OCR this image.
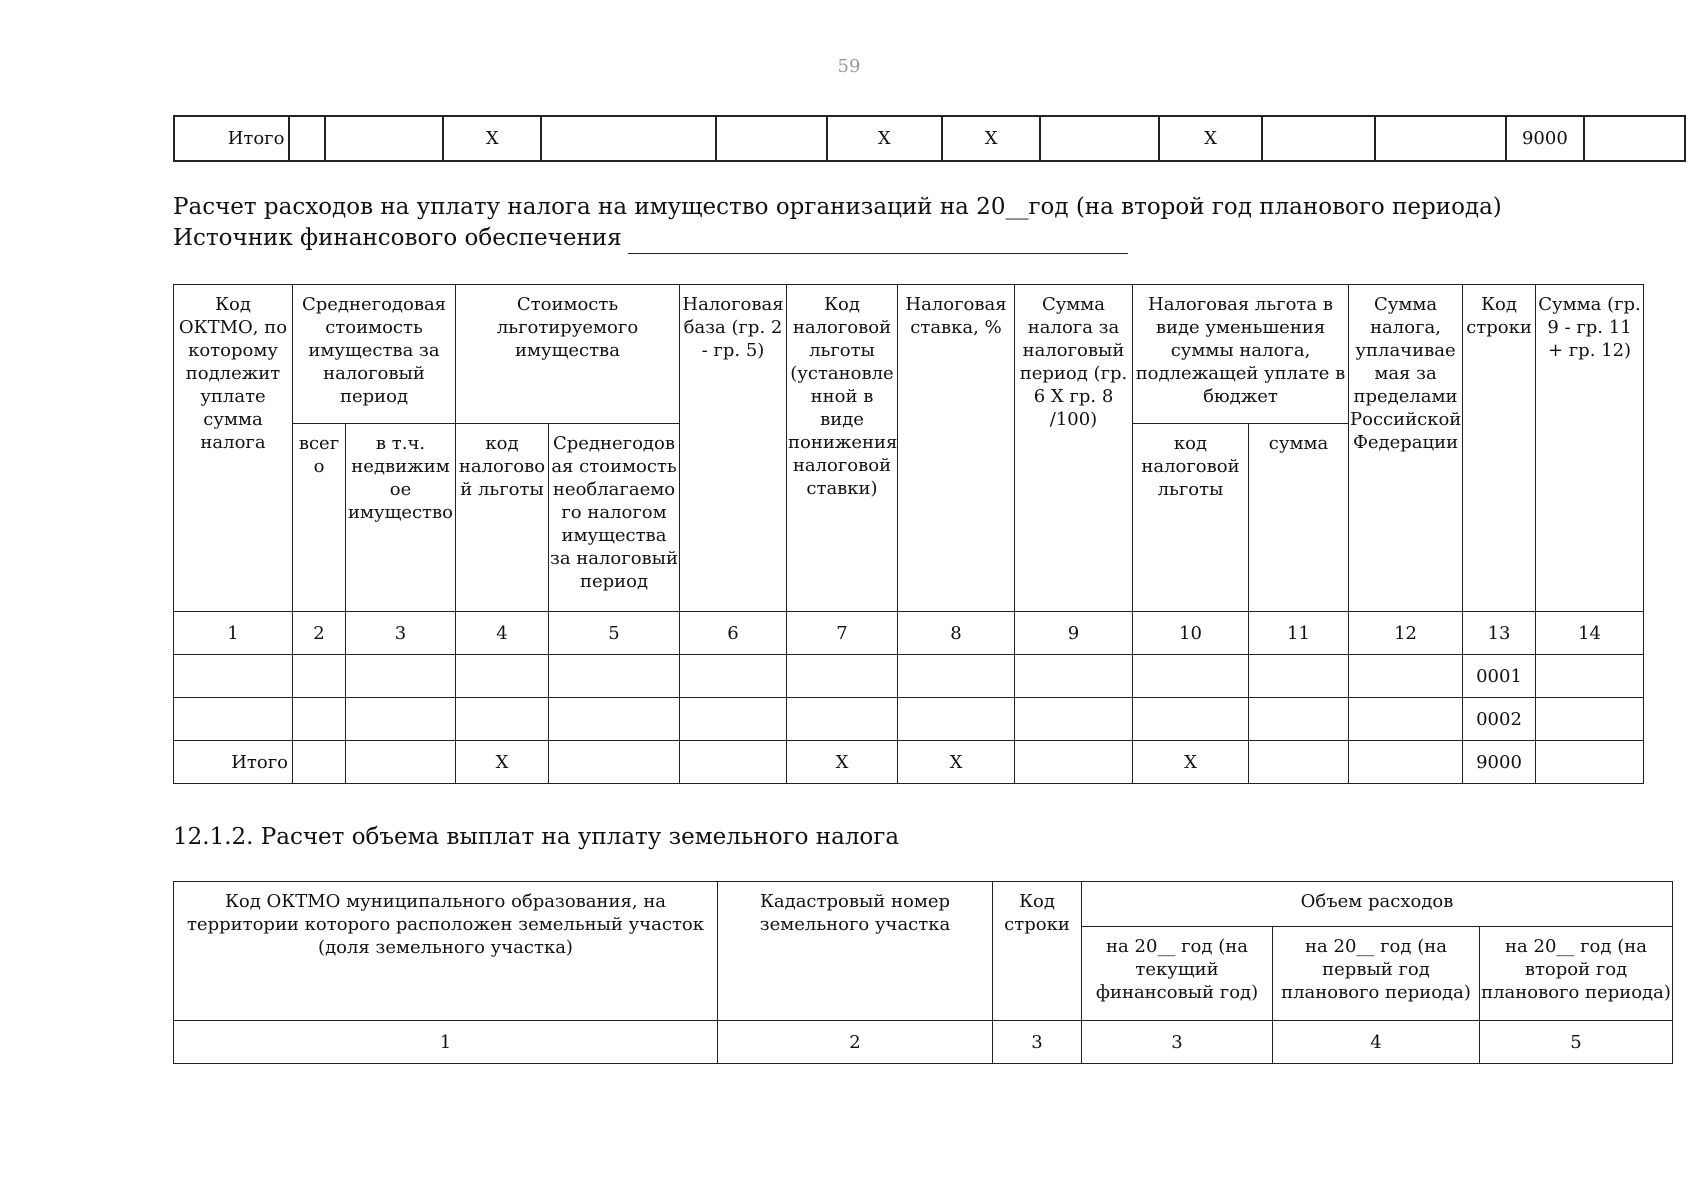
59
Итого			X			X	X		X			9000	
Расчет расходов на уплату налога на имущество организаций на 20__год (на второй год планового периода)
Источник финансового обеспечения
Код ОКТМО, по которому подлежит уплате сумма налога	Среднегодовая стоимость имущества за налоговый период		Стоимость льготируемого имущества		Налоговая база (гр. 2 - гр. 5)	Код налоговой льготы (установле нной в виде понижения налоговой ставки)	Налоговая ставка, %	Сумма налога за налоговый период (гр. 6 X гр. 8 /100)	Налоговая льгота в виде уменьшения суммы налога, подлежащей уплате в бюджет		Сумма налога, уплачивае мая за пределами Российской Федерации	Код строки	Сумма (гр. 9 - гр. 11 + гр. 12)
	всег о	в т.ч. недвижим ое имущество	код налогово й льготы	Среднегодов ая стоимость необлагаемо го налогом имущества за налоговый период					код налоговой льготы	сумма			
1	2	3	4	5	6	7	8	9	10	11	12	13	14
												0001	
												0002	
Итого			X			X	X		X			9000	
12.1.2. Расчет объема выплат на уплату земельного налога
Код ОКТМО муниципального образования, на территории которого расположен земельный участок (доля земельного участка)	Кадастровый номер земельного участка	Код строки	Объем расходов		
			на 20__ год (на текущий финансовый год)	на 20__ год (на первый год планового периода)	на 20__ год (на второй год планового периода)
1	2	3	3	4	5
